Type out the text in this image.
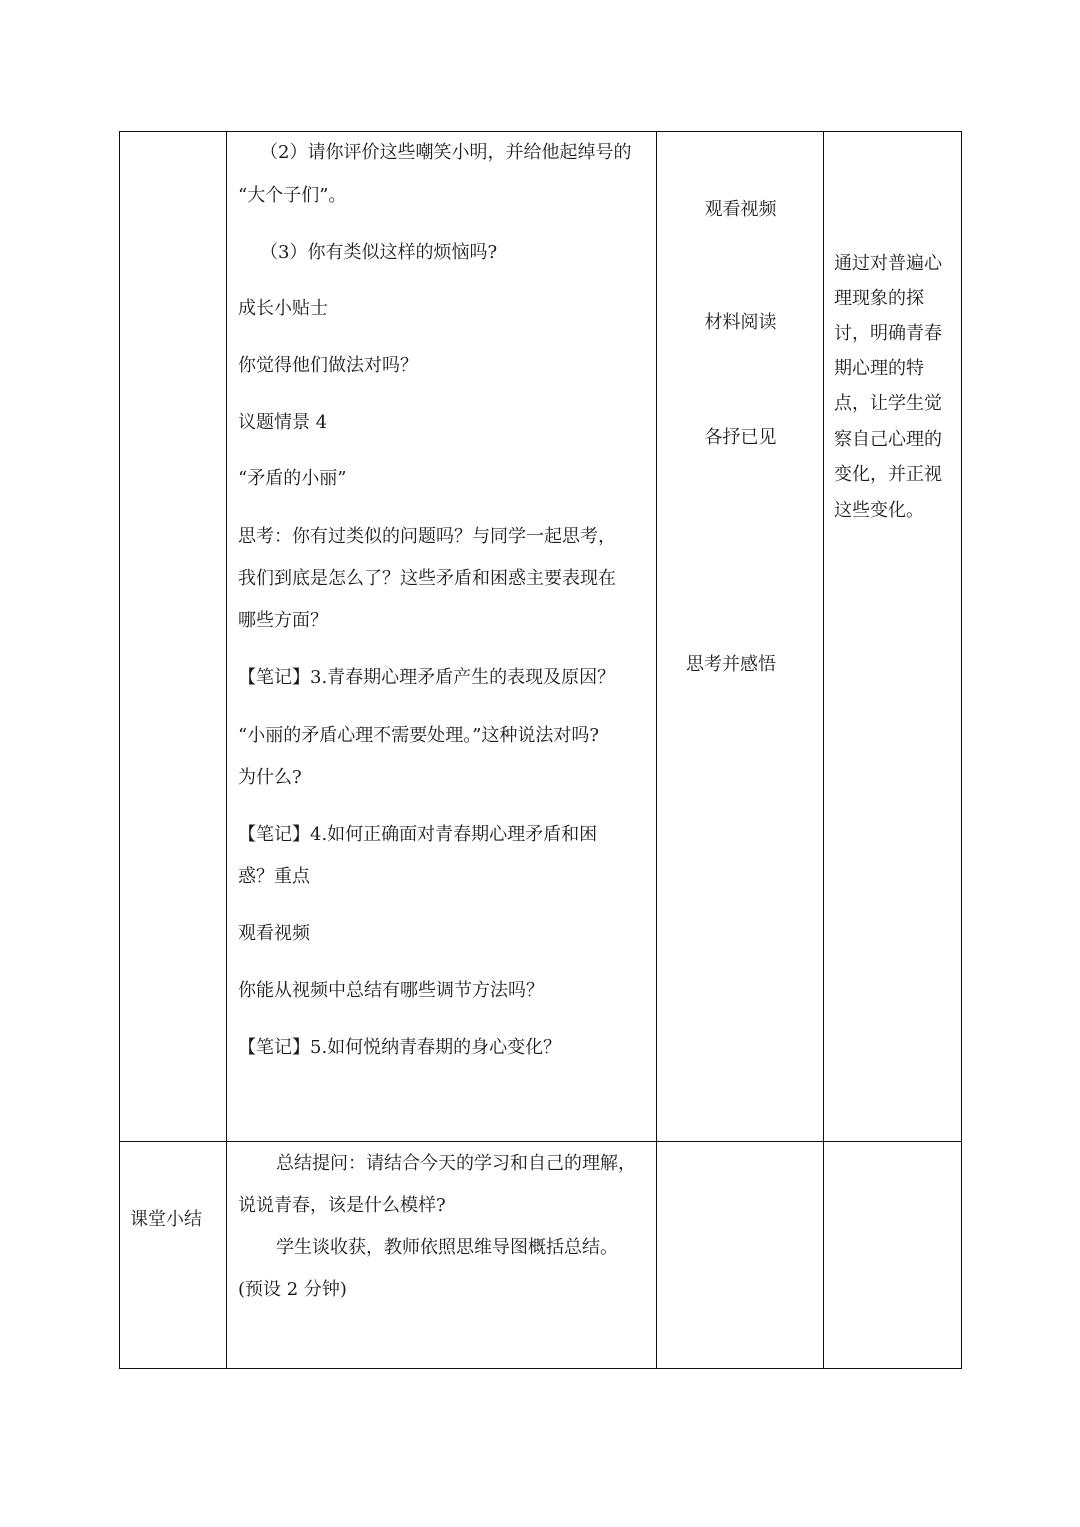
（2）请你评价这些嘲笑小明，并给他起绰号的
“大个子们”。
（3）你有类似这样的烦恼吗?
成长小贴士
你觉得他们做法对吗？
议题情景 4
“矛盾的小丽”
思考：你有过类似的问题吗？与同学一起思考，
我们到底是怎么了？这些矛盾和困惑主要表现在
哪些方面？
【笔记】3.青春期心理矛盾产生的表现及原因？
“小丽的矛盾心理不需要处理。”这种说法对吗?
为什么?
【笔记】4.如何正确面对青春期心理矛盾和困
惑？重点
观看视频
你能从视频中总结有哪些调节方法吗？
【笔记】5.如何悦纳青春期的身心变化？
观看视频
材料阅读
各抒已见
思考并感悟
通过对普遍心
理现象的探
讨，明确青春
期心理的特
点，让学生觉
察自己心理的
变化，并正视
这些变化。
课堂小结
总结提问：请结合今天的学习和自己的理解，
说说青春，该是什么模样?
学生谈收获，教师依照思维导图概括总结。
(预设 2 分钟)
